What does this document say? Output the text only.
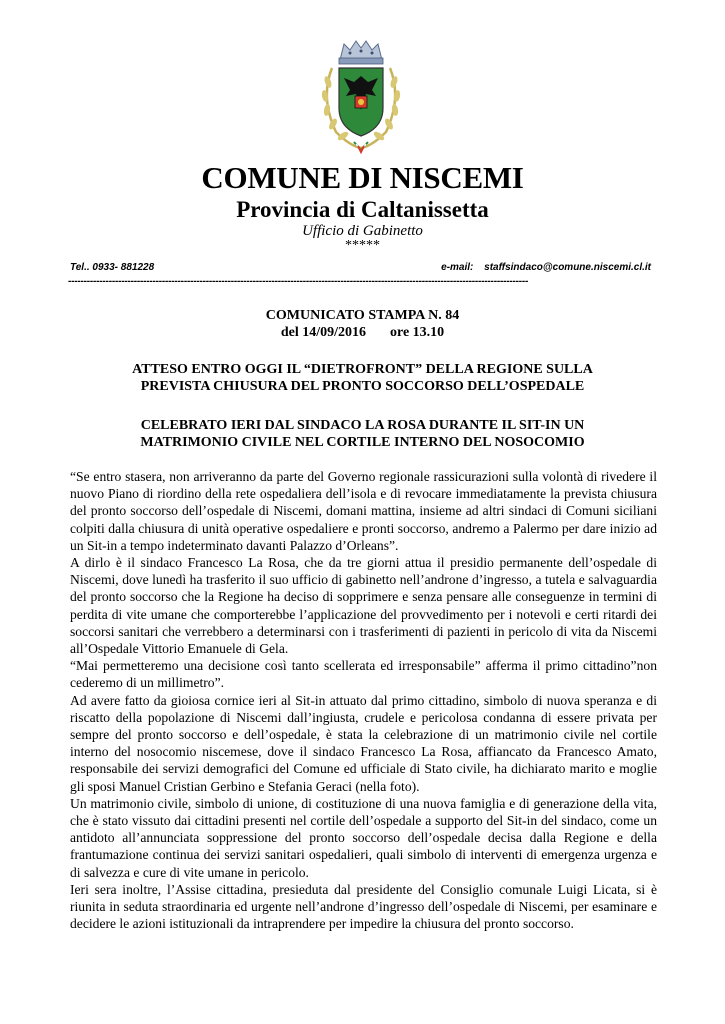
COMUNE DI NISCEMI
Provincia di Caltanissetta
Ufficio di Gabinetto
*****
Tel.. 0933- 881228	e-mail: staffsindaco@comune.niscemi.cl.it
---------------------------------------------------------------------------------------------------------------------------------------------------
COMUNICATO STAMPA N. 84
del 14/09/2016 ore 13.10
ATTESO ENTRO OGGI IL “DIETROFRONT” DELLA REGIONE SULLA
PREVISTA CHIUSURA DEL PRONTO SOCCORSO DELL’OSPEDALE
CELEBRATO IERI DAL SINDACO LA ROSA DURANTE IL SIT-IN UN
MATRIMONIO CIVILE NEL CORTILE INTERNO DEL NOSOCOMIO

“Se entro stasera, non arriveranno da parte del Governo regionale rassicurazioni sulla volontà di rivedere il nuovo Piano di riordino della rete ospedaliera dell’isola e di revocare immediatamente la prevista chiusura del pronto soccorso dell’ospedale di Niscemi, domani mattina, insieme ad altri sindaci di Comuni siciliani colpiti dalla chiusura di unità operative ospedaliere e pronti soccorso, andremo a Palermo per dare inizio ad un Sit-in a tempo indeterminato davanti Palazzo d’Orleans”.

A dirlo è il sindaco Francesco La Rosa, che da tre giorni attua il presidio permanente dell’ospedale di Niscemi, dove lunedì ha trasferito il suo ufficio di gabinetto nell’androne d’ingresso, a tutela e salvaguardia del pronto soccorso che la Regione ha deciso di sopprimere e senza pensare alle conseguenze in termini di perdita di vite umane che comporterebbe l’applicazione del provvedimento per i notevoli e certi ritardi dei soccorsi sanitari che verrebbero a determinarsi con i trasferimenti di pazienti in pericolo di vita da Niscemi all’Ospedale Vittorio Emanuele di Gela.

“Mai permetteremo una decisione così tanto scellerata ed irresponsabile” afferma il primo cittadino”non cederemo di un millimetro”.

Ad avere fatto da gioiosa cornice ieri al Sit-in attuato dal primo cittadino, simbolo di nuova speranza e di riscatto della popolazione di Niscemi dall’ingiusta, crudele e pericolosa condanna di essere privata per sempre del pronto soccorso e dell’ospedale, è stata la celebrazione di un matrimonio civile nel cortile interno del nosocomio niscemese, dove il sindaco Francesco La Rosa, affiancato da Francesco Amato, responsabile dei servizi demografici del Comune ed ufficiale di Stato civile, ha dichiarato marito e moglie gli sposi Manuel Cristian Gerbino e Stefania Geraci (nella foto).

Un matrimonio civile, simbolo di unione, di costituzione di una nuova famiglia e di generazione della vita, che è stato vissuto dai cittadini presenti nel cortile dell’ospedale a supporto del Sit-in del sindaco, come un antidoto all’annunciata soppressione del pronto soccorso dell’ospedale decisa dalla Regione e della frantumazione continua dei servizi sanitari ospedalieri, quali simbolo di interventi di emergenza urgenza e di salvezza e cure di vite umane in pericolo.

Ieri sera inoltre, l’Assise cittadina, presieduta dal presidente del Consiglio comunale Luigi Licata, si è riunita in seduta straordinaria ed urgente nell’androne d’ingresso dell’ospedale di Niscemi, per esaminare e decidere le azioni istituzionali da intraprendere per impedire la chiusura del pronto soccorso.
